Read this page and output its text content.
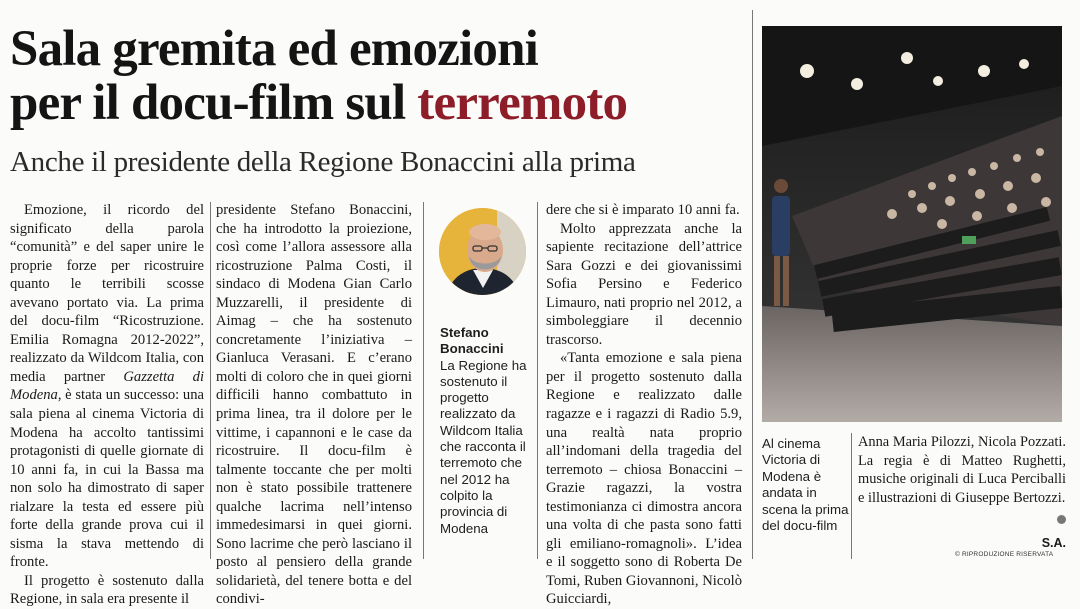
Sala gremita ed emozioni
per il docu-film sul terremoto
Anche il presidente della Regione Bonaccini alla prima

Emozione, il ricordo del significato della parola “comunità” e del saper unire le proprie forze per ricostruire quanto le terribili scosse avevano portato via. La prima del docu-film “Ricostruzione. Emilia Romagna 2012-2022”, realizzato da Wildcom Italia, con media partner Gazzetta di Modena, è stata un successo: una sala piena al cinema Victoria di Modena ha accolto tantissimi protagonisti di quelle giornate di 10 anni fa, in cui la Bassa ma non solo ha dimostrato di saper rialzare la testa ed essere più forte della grande prova cui il sisma la stava mettendo di fronte.

Il progetto è sostenuto dalla Regione, in sala era presente il

presidente Stefano Bonaccini, che ha introdotto la proiezione, così come l’allora assessore alla ricostruzione Palma Costi, il sindaco di Modena Gian Carlo Muzzarelli, il presidente di Aimag – che ha sostenuto concretamente l’iniziativa – Gianluca Verasani. E c’erano molti di coloro che in quei giorni difficili hanno combattuto in prima linea, tra il dolore per le vittime, i capannoni e le case da ricostruire. Il docu-film è talmente toccante che per molti non è stato possibile trattenere qualche lacrima nell’intenso immedesimarsi in quei giorni. Sono lacrime che però lasciano il posto al pensiero della grande solidarietà, del tenere botta e del condivi-

Stefano Bonaccini
La Regione ha sostenuto il progetto realizzato da Wildcom Italia che racconta il terremoto che nel 2012 ha colpito la provincia di Modena

dere che si è imparato 10 anni fa.

Molto apprezzata anche la sapiente recitazione dell’attrice Sara Gozzi e dei giovanissimi Sofia Persino e Federico Limauro, nati proprio nel 2012, a simboleggiare il decennio trascorso.

«Tanta emozione e sala piena per il progetto sostenuto dalla Regione e realizzato dalle ragazze e i ragazzi di Radio 5.9, una realtà nata proprio all’indomani della tragedia del terremoto – chiosa Bonaccini – Grazie ragazzi, la vostra testimonianza ci dimostra ancora una volta di che pasta sono fatti gli emiliano-romagnoli». L’idea e il soggetto sono di Roberta De Tomi, Ruben Giovannoni, Nicolò Guicciardi,

Al cinema Victoria di Modena è andata in scena la prima del docu-film

Anna Maria Pilozzi, Nicola Pozzati. La regia è di Matteo Rughetti, musiche originali di Luca Perciballi e illustrazioni di Giuseppe Bertozzi.

S.A.
© RIPRODUZIONE RISERVATA
